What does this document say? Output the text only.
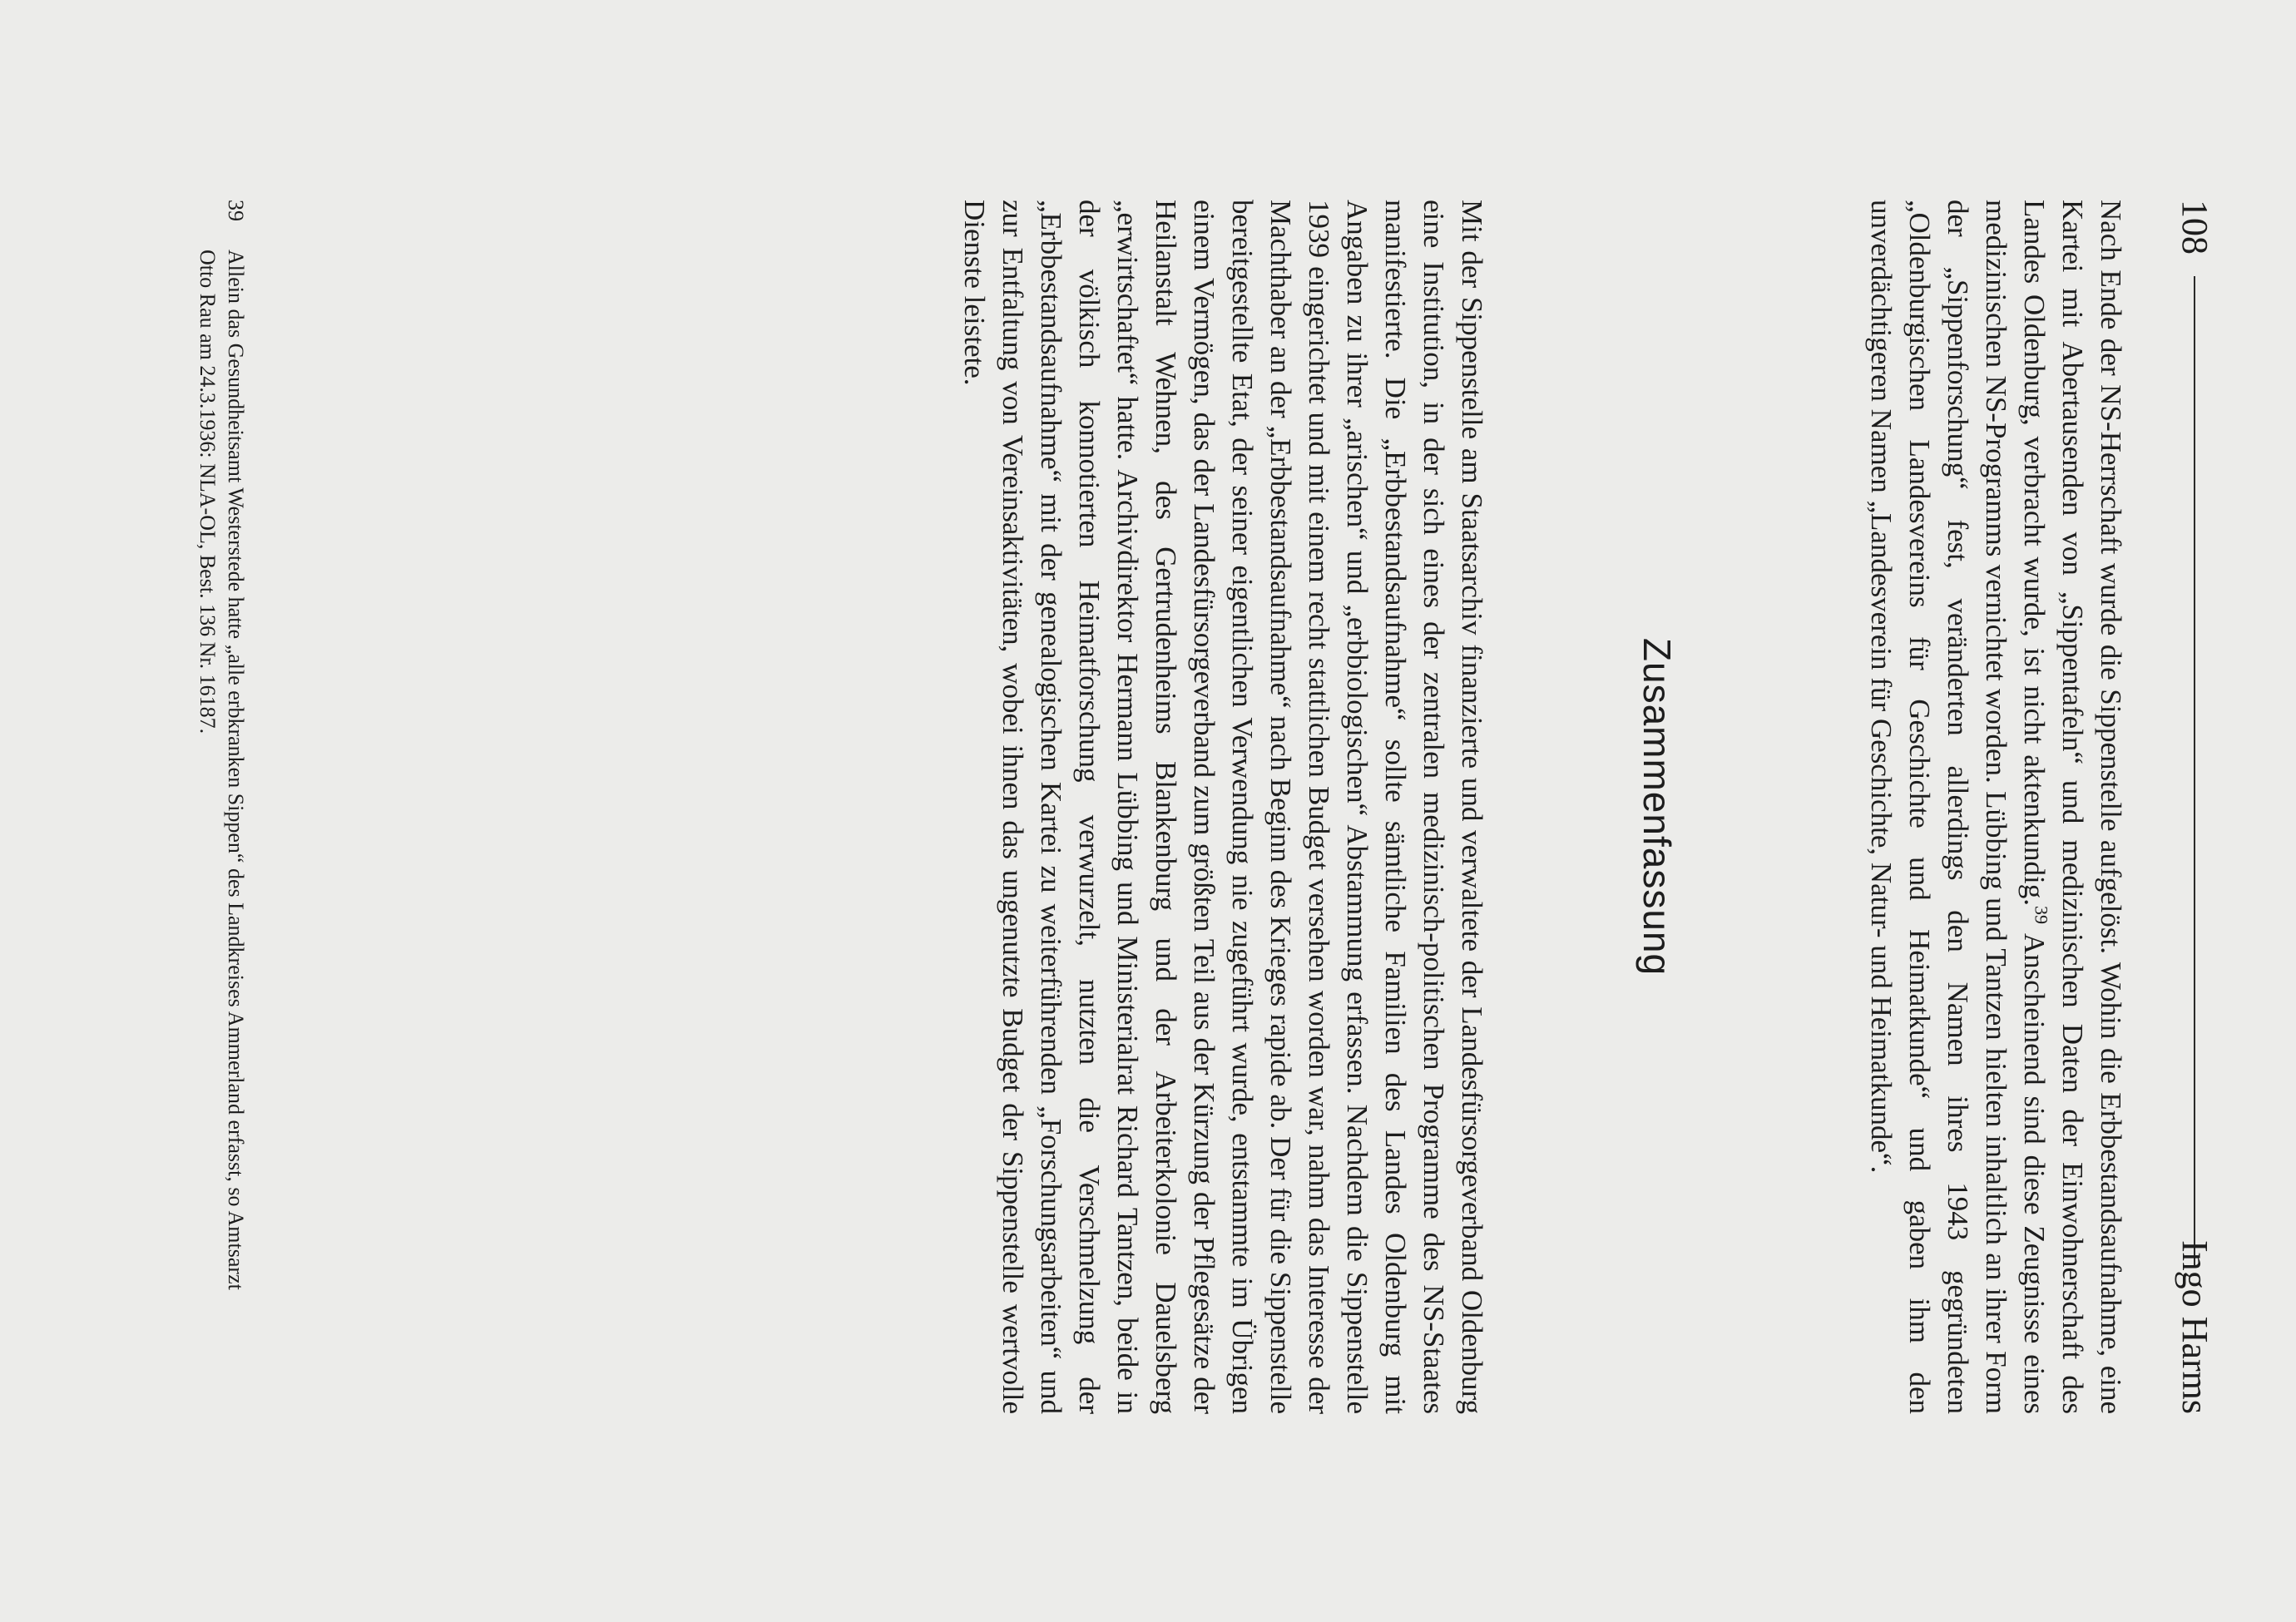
108
Ingo Harms

Nach Ende der NS-Herrschaft wurde die Sippenstelle aufgelöst. Wohin die Erbbestandsaufnahme, eine Kartei mit Abertausenden von „Sippentafeln“ und medizinischen Daten der Einwohnerschaft des Landes Oldenburg, verbracht wurde, ist nicht aktenkundig.$^{39}$ Anscheinend sind diese Zeugnisse eines medizinischen NS-Programms vernichtet worden. Lübbing und Tantzen hielten inhaltlich an ihrer Form der „Sippenforschung“ fest, veränderten allerdings den Namen ihres 1943 gegründeten „Oldenburgischen Landesvereins für Geschichte und Heimatkunde“ und gaben ihm den unverdächtigeren Namen „Landesverein für Geschichte, Natur- und Heimatkunde“.

Zusammenfassung

Mit der Sippenstelle am Staatsarchiv finanzierte und verwaltete der Landesfürsorgeverband Oldenburg eine Institution, in der sich eines der zentralen medizinisch-politischen Programme des NS-Staates manifestierte. Die „Erbbestandsaufnahme“ sollte sämtliche Familien des Landes Oldenburg mit Angaben zu ihrer „arischen“ und „erbbiologischen“ Abstammung erfassen. Nachdem die Sippenstelle 1939 eingerichtet und mit einem recht stattlichen Budget versehen worden war, nahm das Interesse der Machthaber an der „Erbbestandsaufnahme“ nach Beginn des Krieges rapide ab. Der für die Sippenstelle bereitgestellte Etat, der seiner eigentlichen Verwendung nie zugeführt wurde, entstammte im Übrigen einem Vermögen, das der Landesfürsorgeverband zum größten Teil aus der Kürzung der Pflegesätze der Heilanstalt Wehnen, des Gertrudenheims Blankenburg und der Arbeiterkolonie Dauelsberg „erwirtschaftet“ hatte. Archivdirektor Hermann Lübbing und Ministerialrat Richard Tantzen, beide in der völkisch konnotierten Heimatforschung verwurzelt, nutzten die Verschmelzung der „Erbbestandsaufnahme“ mit der genealogischen Kartei zu weiterführenden „Forschungsarbeiten“ und zur Entfaltung von Vereinsaktivitäten, wobei ihnen das ungenutzte Budget der Sippenstelle wertvolle Dienste leistete.

39Allein das Gesundheitsamt Westerstede hatte „alle erbkranken Sippen“ des Landkreises Ammerland erfasst, so Amtsarzt Otto Rau am 24.3.1936: NLA-OL, Best. 136 Nr. 16187.
